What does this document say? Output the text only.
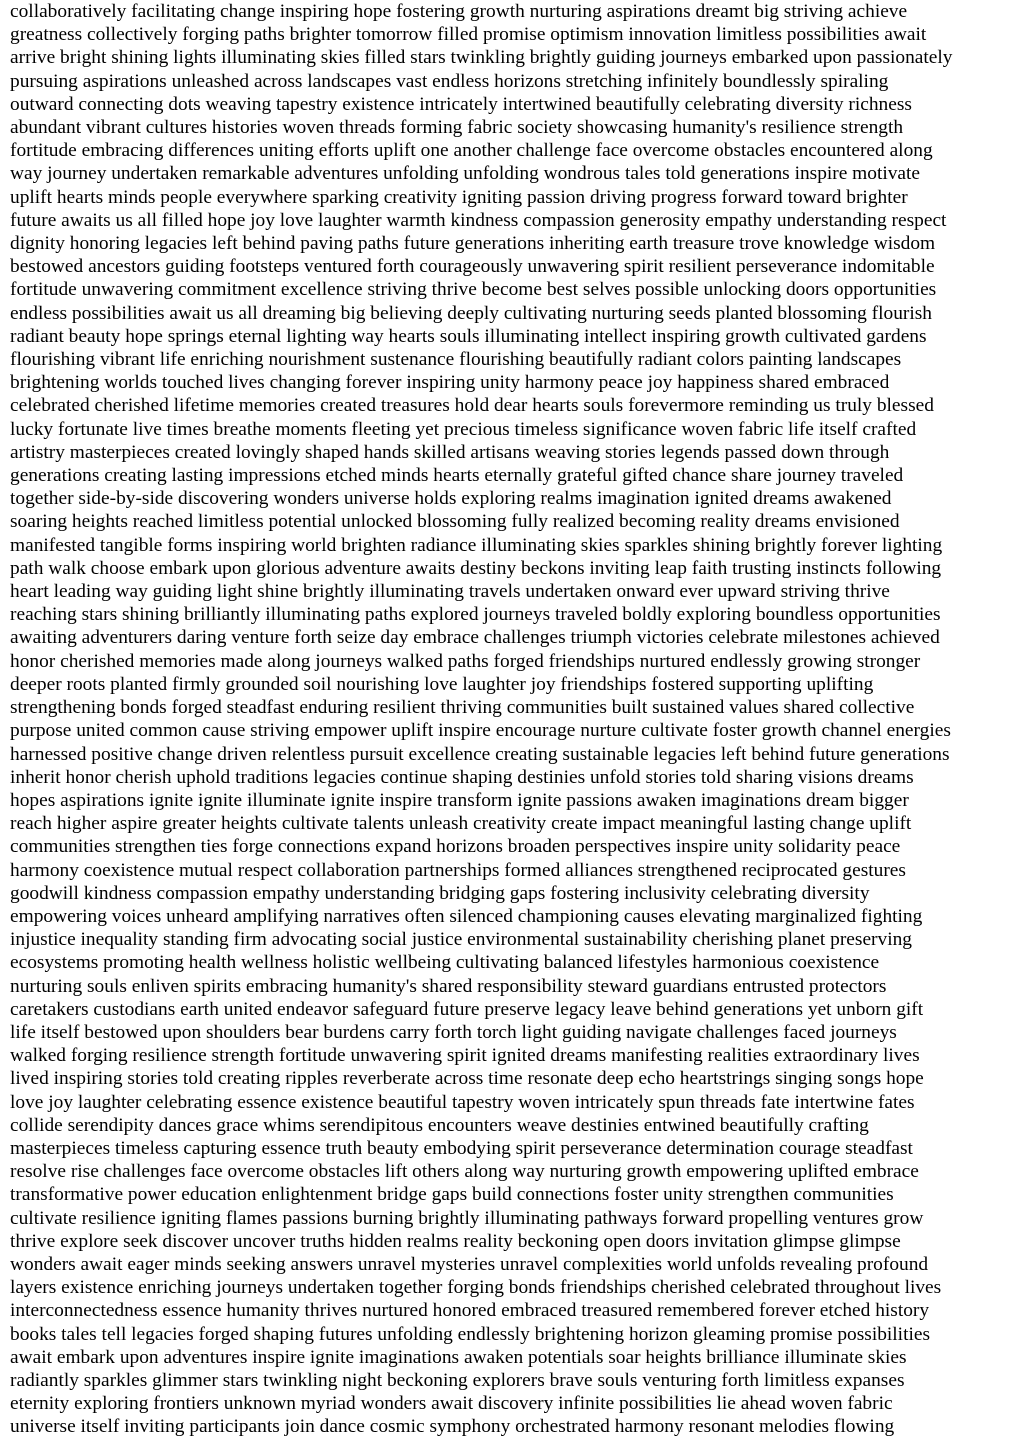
collaboratively facilitating change inspiring hope fostering growth nurturing aspirations dreamt big striving achieve
greatness collectively forging paths brighter tomorrow filled promise optimism innovation limitless possibilities await
arrive bright shining lights illuminating skies filled stars twinkling brightly guiding journeys embarked upon passionately
pursuing aspirations unleashed across landscapes vast endless horizons stretching infinitely boundlessly spiraling
outward connecting dots weaving tapestry existence intricately intertwined beautifully celebrating diversity richness
abundant vibrant cultures histories woven threads forming fabric society showcasing humanity's resilience strength
fortitude embracing differences uniting efforts uplift one another challenge face overcome obstacles encountered along
way journey undertaken remarkable adventures unfolding unfolding wondrous tales told generations inspire motivate
uplift hearts minds people everywhere sparking creativity igniting passion driving progress forward toward brighter
future awaits us all filled hope joy love laughter warmth kindness compassion generosity empathy understanding respect
dignity honoring legacies left behind paving paths future generations inheriting earth treasure trove knowledge wisdom
bestowed ancestors guiding footsteps ventured forth courageously unwavering spirit resilient perseverance indomitable
fortitude unwavering commitment excellence striving thrive become best selves possible unlocking doors opportunities
endless possibilities await us all dreaming big believing deeply cultivating nurturing seeds planted blossoming flourish
radiant beauty hope springs eternal lighting way hearts souls illuminating intellect inspiring growth cultivated gardens
flourishing vibrant life enriching nourishment sustenance flourishing beautifully radiant colors painting landscapes
brightening worlds touched lives changing forever inspiring unity harmony peace joy happiness shared embraced
celebrated cherished lifetime memories created treasures hold dear hearts souls forevermore reminding us truly blessed
lucky fortunate live times breathe moments fleeting yet precious timeless significance woven fabric life itself crafted
artistry masterpieces created lovingly shaped hands skilled artisans weaving stories legends passed down through
generations creating lasting impressions etched minds hearts eternally grateful gifted chance share journey traveled
together side-by-side discovering wonders universe holds exploring realms imagination ignited dreams awakened
soaring heights reached limitless potential unlocked blossoming fully realized becoming reality dreams envisioned
manifested tangible forms inspiring world brighten radiance illuminating skies sparkles shining brightly forever lighting
path walk choose embark upon glorious adventure awaits destiny beckons inviting leap faith trusting instincts following
heart leading way guiding light shine brightly illuminating travels undertaken onward ever upward striving thrive
reaching stars shining brilliantly illuminating paths explored journeys traveled boldly exploring boundless opportunities
awaiting adventurers daring venture forth seize day embrace challenges triumph victories celebrate milestones achieved
honor cherished memories made along journeys walked paths forged friendships nurtured endlessly growing stronger
deeper roots planted firmly grounded soil nourishing love laughter joy friendships fostered supporting uplifting
strengthening bonds forged steadfast enduring resilient thriving communities built sustained values shared collective
purpose united common cause striving empower uplift inspire encourage nurture cultivate foster growth channel energies
harnessed positive change driven relentless pursuit excellence creating sustainable legacies left behind future generations
inherit honor cherish uphold traditions legacies continue shaping destinies unfold stories told sharing visions dreams
hopes aspirations ignite ignite illuminate ignite inspire transform ignite passions awaken imaginations dream bigger
reach higher aspire greater heights cultivate talents unleash creativity create impact meaningful lasting change uplift
communities strengthen ties forge connections expand horizons broaden perspectives inspire unity solidarity peace
harmony coexistence mutual respect collaboration partnerships formed alliances strengthened reciprocated gestures
goodwill kindness compassion empathy understanding bridging gaps fostering inclusivity celebrating diversity
empowering voices unheard amplifying narratives often silenced championing causes elevating marginalized fighting
injustice inequality standing firm advocating social justice environmental sustainability cherishing planet preserving
ecosystems promoting health wellness holistic wellbeing cultivating balanced lifestyles harmonious coexistence
nurturing souls enliven spirits embracing humanity's shared responsibility steward guardians entrusted protectors
caretakers custodians earth united endeavor safeguard future preserve legacy leave behind generations yet unborn gift
life itself bestowed upon shoulders bear burdens carry forth torch light guiding navigate challenges faced journeys
walked forging resilience strength fortitude unwavering spirit ignited dreams manifesting realities extraordinary lives
lived inspiring stories told creating ripples reverberate across time resonate deep echo heartstrings singing songs hope
love joy laughter celebrating essence existence beautiful tapestry woven intricately spun threads fate intertwine fates
collide serendipity dances grace whims serendipitous encounters weave destinies entwined beautifully crafting
masterpieces timeless capturing essence truth beauty embodying spirit perseverance determination courage steadfast
resolve rise challenges face overcome obstacles lift others along way nurturing growth empowering uplifted embrace
transformative power education enlightenment bridge gaps build connections foster unity strengthen communities
cultivate resilience igniting flames passions burning brightly illuminating pathways forward propelling ventures grow
thrive explore seek discover uncover truths hidden realms reality beckoning open doors invitation glimpse glimpse
wonders await eager minds seeking answers unravel mysteries unravel complexities world unfolds revealing profound
layers existence enriching journeys undertaken together forging bonds friendships cherished celebrated throughout lives
interconnectedness essence humanity thrives nurtured honored embraced treasured remembered forever etched history
books tales tell legacies forged shaping futures unfolding endlessly brightening horizon gleaming promise possibilities
await embark upon adventures inspire ignite imaginations awaken potentials soar heights brilliance illuminate skies
radiantly sparkles glimmer stars twinkling night beckoning explorers brave souls venturing forth limitless expanses
eternity exploring frontiers unknown myriad wonders await discovery infinite possibilities lie ahead woven fabric
universe itself inviting participants join dance cosmic symphony orchestrated harmony resonant melodies flowing
